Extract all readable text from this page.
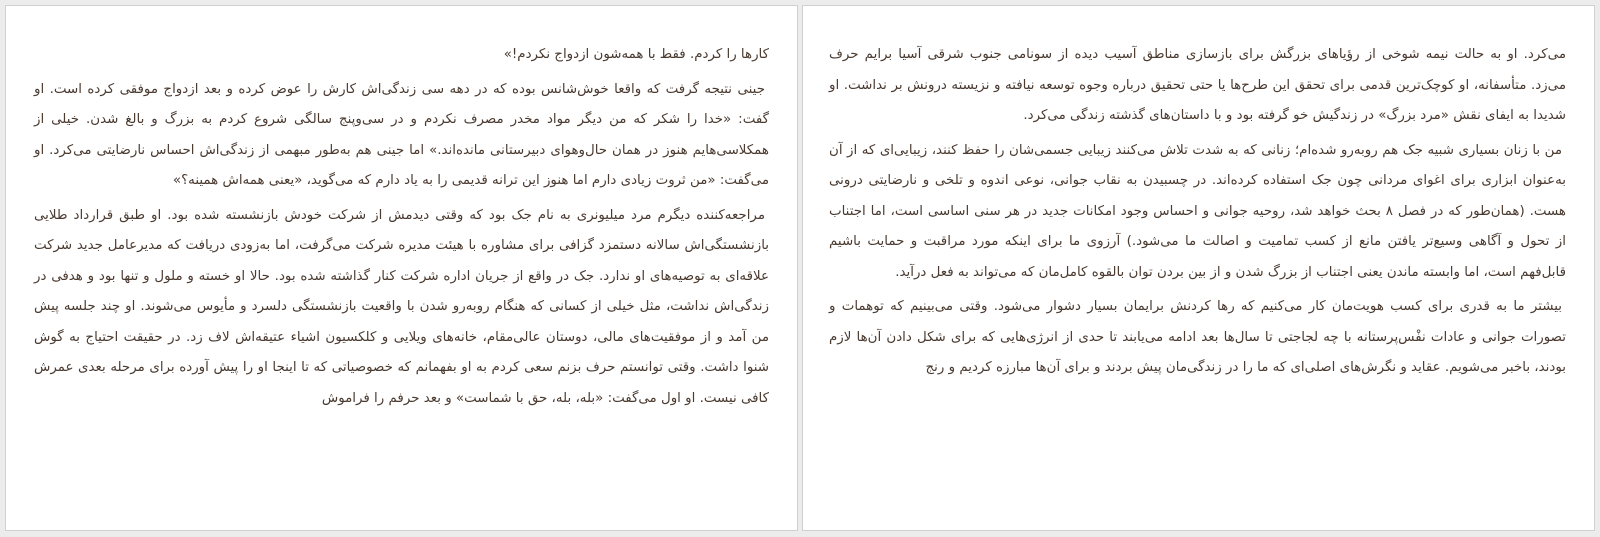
می‌کرد. او به حالت نیمه شوخی از رؤیاهای بزرگش برای بازسازی مناطق آسیب دیده از سونامی جنوب شرقی آسیا برایم حرف می‌زد. متأسفانه، او کوچک‌ترین قدمی برای تحقق این طرح‌ها یا حتی تحقیق درباره وجوه توسعه نیافته و نزیسته درونش بر نداشت. او شدیدا به ایفای نقش «مرد بزرگ» در زندگیش خو گرفته بود و با داستان‌های گذشته زندگی می‌کرد.

من با زنان بسیاری شبیه جک هم روبه‌رو شده‌ام؛ زنانی که به شدت تلاش می‌کنند زیبایی جسمی‌شان را حفظ کنند، زیبایی‌ای که از آن به‌عنوان ابزاری برای اغوای مردانی چون جک استفاده کرده‌اند. در چسبیدن به نقاب جوانی، نوعی اندوه و تلخی و نارضایتی درونی هست. (همان‌طور که در فصل ۸ بحث خواهد شد، روحیه جوانی و احساس وجود امکانات جدید در هر سنی اساسی است، اما اجتناب از تحول و آگاهی وسیع‌تر یافتن مانع از کسب تمامیت و اصالت ما می‌شود.) آرزوی ما برای اینکه مورد مراقبت و حمایت باشیم قابل‌فهم است، اما وابسته ماندن یعنی اجتناب از بزرگ شدن و از بین بردن توان بالقوه کامل‌مان که می‌تواند به فعل درآید.

بیشتر ما به قدری برای کسب هویت‌مان کار می‌کنیم که رها کردنش برایمان بسیار دشوار می‌شود. وقتی می‌بینیم که توهمات و تصورات جوانی و عادات نفْس‌پرستانه با چه لجاجتی تا سال‌ها بعد ادامه می‌یابند تا حدی از انرژی‌هایی که برای شکل دادن آن‌ها لازم بودند، باخبر می‌شویم. عقاید و نگرش‌های اصلی‌ای که ما را در زندگی‌مان پیش بردند و برای آن‌ها مبارزه کردیم و رنج

کارها را کردم. فقط با همه‌شون ازدواج نکردم!»

جینی نتیجه گرفت که واقعا خوش‌شانس بوده که در دهه سی زندگی‌اش کارش را عوض کرده و بعد ازدواج موفقی کرده است. او گفت: «خدا را شکر که من دیگر مواد مخدر مصرف نکردم و در سی‌وپنج سالگی شروع کردم به بزرگ و بالغ شدن. خیلی از همکلاسی‌هایم هنوز در همان حال‌وهوای دبیرستانی مانده‌اند.» اما جینی هم به‌طور مبهمی از زندگی‌اش احساس نارضایتی می‌کرد. او می‌گفت: «من ثروت زیادی دارم اما هنوز این ترانه قدیمی را به یاد دارم که می‌گوید، «یعنی همه‌اش همینه؟»

مراجعه‌کننده دیگرم مرد میلیونری به نام جک بود که وقتی دیدمش از شرکت خودش بازنشسته شده بود. او طبق قرارداد طلایی بازنشستگی‌اش سالانه دستمزد گزافی برای مشاوره با هیئت مدیره شرکت می‌گرفت، اما به‌زودی دریافت که مدیرعامل جدید شرکت علاقه‌ای به توصیه‌های او ندارد. جک در واقع از جریان اداره شرکت کنار گذاشته شده بود. حالا او خسته و ملول و تنها بود و هدفی در زندگی‌اش نداشت، مثل خیلی از کسانی که هنگام روبه‌رو شدن با واقعیت بازنشستگی دلسرد و مأیوس می‌شوند. او چند جلسه پیش من آمد و از موفقیت‌های مالی، دوستان عالی‌مقام، خانه‌های ویلایی و کلکسیون اشیاء عتیقه‌اش لاف زد. در حقیقت احتیاج به گوش شنوا داشت. وقتی توانستم حرف بزنم سعی کردم به او بفهمانم که خصوصیاتی که تا اینجا او را پیش آورده برای مرحله بعدی عمرش کافی نیست. او اول می‌گفت: «بله، بله، حق با شماست» و بعد حرفم را فراموش
